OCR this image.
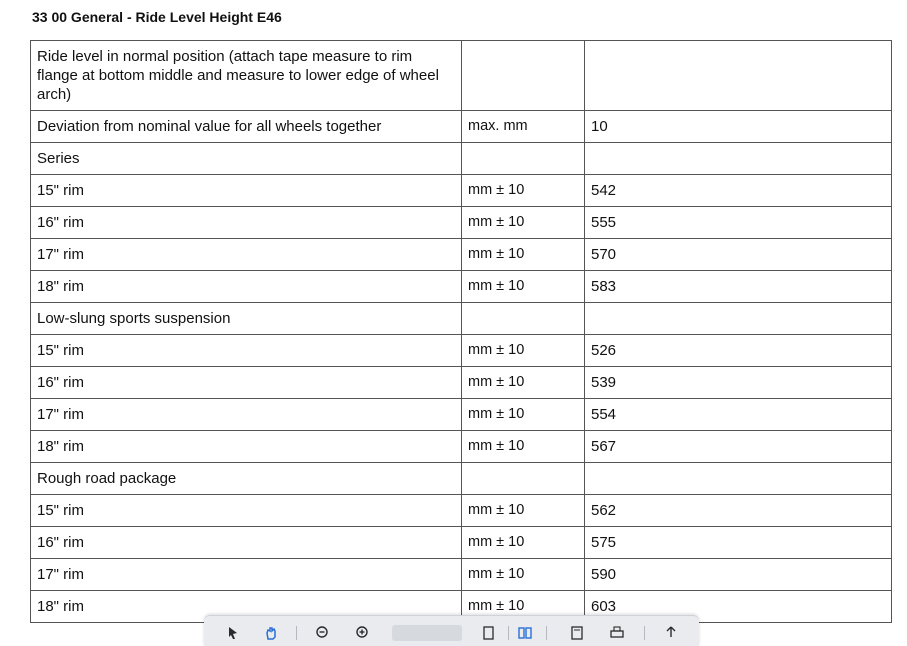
33 00 General - Ride Level Height E46
Ride level in normal position (attach tape measure to rim flange at bottom middle and measure to lower edge of wheel arch)		
Deviation from nominal value for all wheels together	max. mm	10
Series		
15" rim	mm ± 10	542
16" rim	mm ± 10	555
17" rim	mm ± 10	570
18" rim	mm ± 10	583
Low-slung sports suspension		
15" rim	mm ± 10	526
16" rim	mm ± 10	539
17" rim	mm ± 10	554
18" rim	mm ± 10	567
Rough road package		
15" rim	mm ± 10	562
16" rim	mm ± 10	575
17" rim	mm ± 10	590
18" rim	mm ± 10	603
